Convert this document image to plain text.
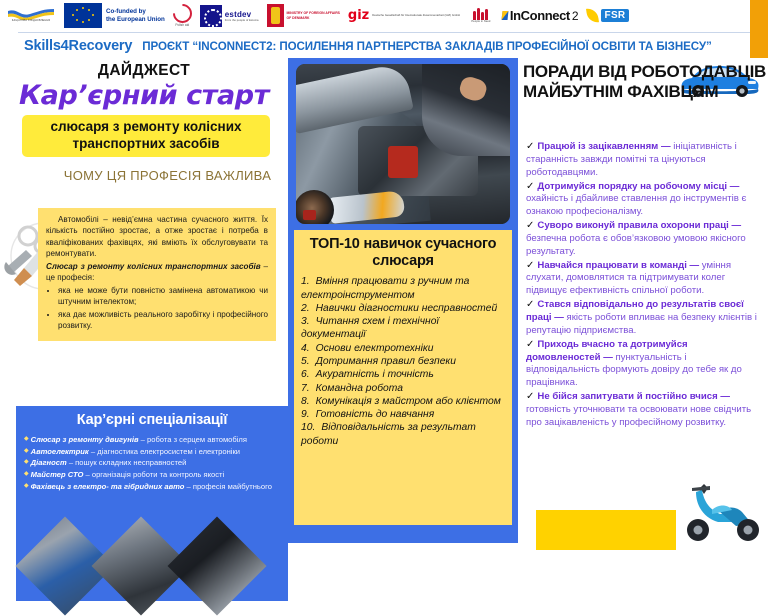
ІНІЦІАТИВА З ВІДНОВЛЕННЯ
Co-funded by
the European Union
Polish aid
estdev
From the people of Estonia
MINISTRY OF FOREIGN AFFAIRS
OF DENMARK	giz Deutsche Gesellschaft für Internationale Zusammenarbeit (GIZ) GmbH
People in Need InConnect 2	FSR
Skills4Recovery ПРОЄКТ “INCONNECT2: ПОСИЛЕННЯ ПАРТНЕРСТВА ЗАКЛАДІВ ПРОФЕСІЙНОЇ ОСВІТИ ТА БІЗНЕСУ”
ДАЙДЖЕСТ
Кар’єрний старт
слюсаря з ремонту колісних транспортних засобів
ЧОМУ ЦЯ ПРОФЕСІЯ ВАЖЛИВА

Автомобілі – невід’ємна частина сучасного життя. Їх кількість постійно зростає, а отже зростає і потреба в кваліфікованих фахівцях, які вміють їх обслуговувати та ремонтувати.

Слюсар з ремонту колісних транспортних засобів – це професія:

• яка не може бути повністю замінена автоматикою чи штучним інтелектом;
• яка дає можливість реального заробітку і професійного розвитку.
Кар’єрні спеціалізації
◆ Слюсар з ремонту двигунів – робота з серцем автомобіля
◆ Автоелектрик – діагностика електросистем і електроніки
◆ Діагност – пошук складних несправностей
◆ Майстер СТО – організація роботи та контроль якості
◆ Фахівець з електро- та гібридних авто – професія майбутнього
ТОП-10 навичок сучасного слюсаря
1. Вміння працювати з ручним та електроінструментом
2. Навички діагностики несправностей
3. Читання схем і технічної документації
4. Основи електротехніки
5. Дотримання правил безпеки
6. Акуратність і точність
7. Командна робота
8. Комунікація з майстром або клієнтом
9. Готовність до навчання
10. Відповідальність за результат роботи
ПОРАДИ ВІД РОБОТОДАВЦІВ МАЙБУТНІМ ФАХІВЦЯМ
✓ Працюй із зацікавленням — ініціативність і старанність завжди помітні та цінуються роботодавцями.
✓ Дотримуйся порядку на робочому місці — охайність і дбайливе ставлення до інструментів є ознакою професіоналізму.
✓ Суворо виконуй правила охорони праці — безпечна робота є обов’язковою умовою якісного результату.
✓ Навчайся працювати в команді — уміння слухати, домовлятися та підтримувати колег підвищує ефективність спільної роботи.
✓ Стався відповідально до результатів своєї праці — якість роботи впливає на безпеку клієнтів і репутацію підприємства.
✓ Приходь вчасно та дотримуйся домовленостей — пунктуальність і відповідальність формують довіру до тебе як до працівника.
✓ Не бійся запитувати й постійно вчися — готовність уточнювати та освоювати нове свідчить про зацікавленість у професійному розвитку.
